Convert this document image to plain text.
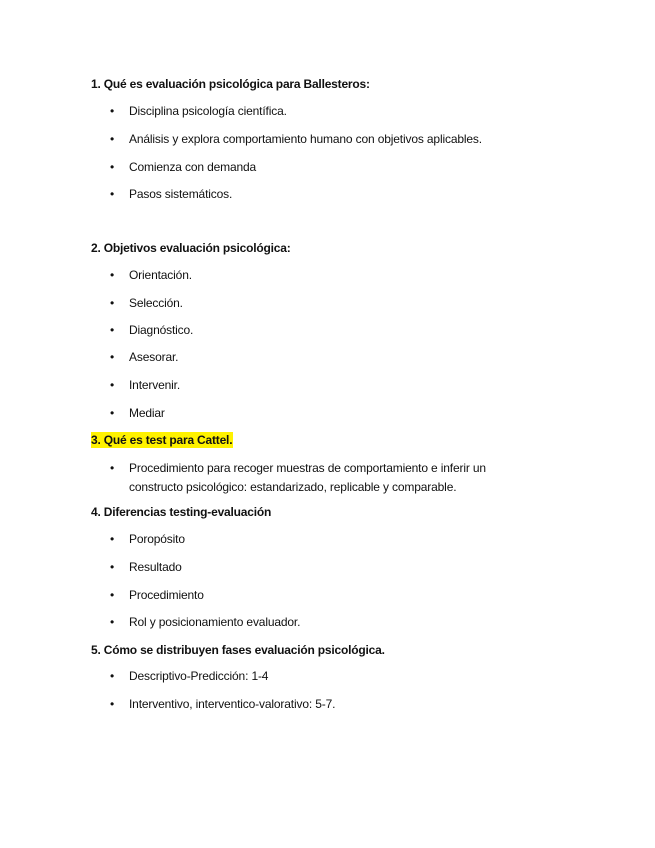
1. Qué es evaluación psicológica para Ballesteros:
• Disciplina psicología científica.
• Análisis y explora comportamiento humano con objetivos aplicables.
• Comienza con demanda
• Pasos sistemáticos.
2. Objetivos evaluación psicológica:
• Orientación.
• Selección.
• Diagnóstico.
• Asesorar.
• Intervenir.
• Mediar
3. Qué es test para Cattel.
• Procedimiento para recoger muestras de comportamiento e inferir un constructo psicológico: estandarizado, replicable y comparable.
4. Diferencias testing-evaluación
• Poropósito
• Resultado
• Procedimiento
• Rol y posicionamiento evaluador.
5. Cómo se distribuyen fases evaluación psicológica.
• Descriptivo-Predicción: 1-4
• Interventivo, interventico-valorativo: 5-7.
